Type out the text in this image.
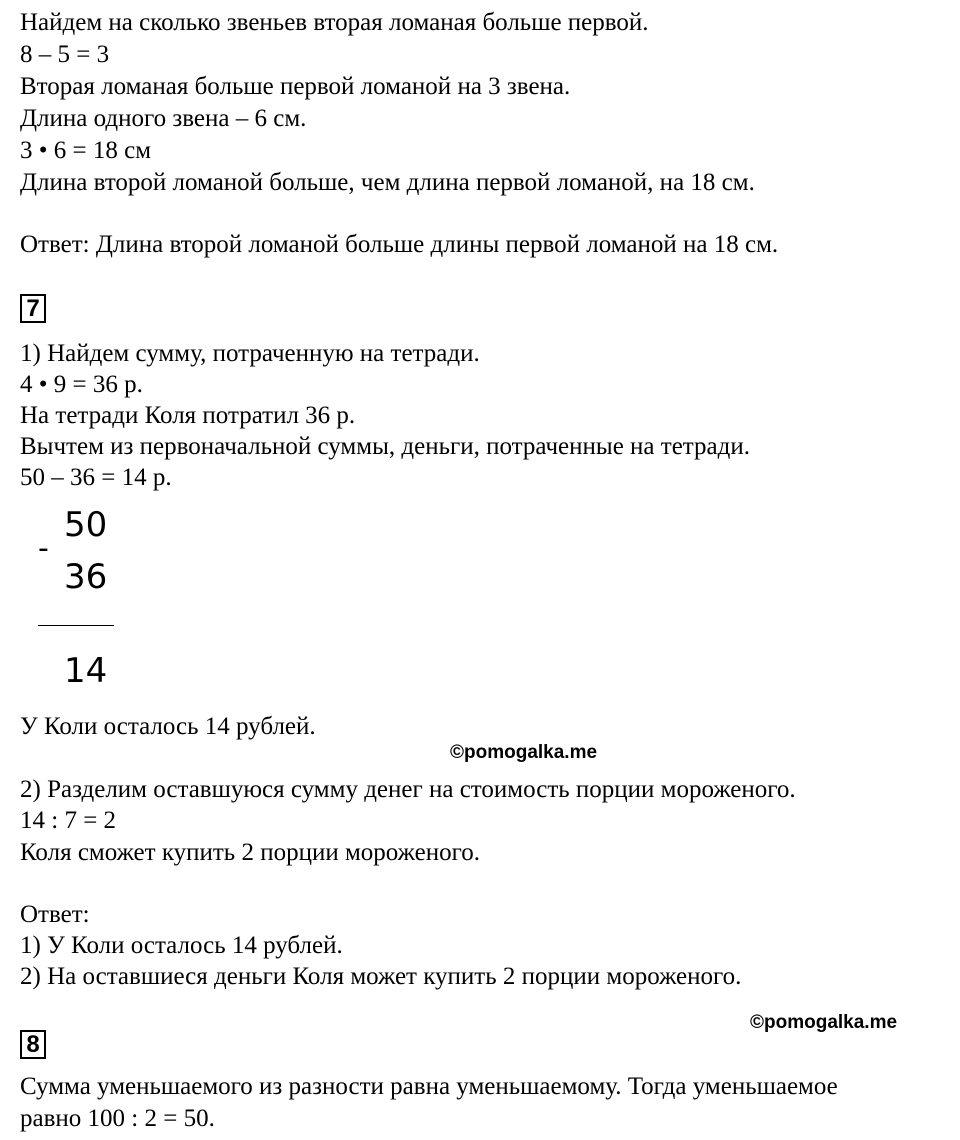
Найдем на сколько звеньев вторая ломаная больше первой.
8 – 5 = 3
Вторая ломаная больше первой ломаной на 3 звена.
Длина одного звена – 6 см.
3 • 6 = 18 см
Длина второй ломаной больше, чем длина первой ломаной, на 18 см.
Ответ: Длина второй ломаной больше длины первой ломаной на 18 см.
7
1) Найдем сумму, потраченную на тетради.
4 • 9 = 36 р.
На тетради Коля потратил 36 р.
Вычтем из первоначальной суммы, деньги, потраченные на тетради.
50 – 36 = 14 р.
-
50
36
14
У Коли осталось 14 рублей.
©pomogalka.me
2) Разделим оставшуюся сумму денег на стоимость порции мороженого.
14 : 7 = 2
Коля сможет купить 2 порции мороженого.
Ответ:
1) У Коли осталось 14 рублей.
2) На оставшиеся деньги Коля может купить 2 порции мороженого.
©pomogalka.me
8
Сумма уменьшаемого из разности равна уменьшаемому. Тогда уменьшаемое
равно 100 : 2 = 50.
